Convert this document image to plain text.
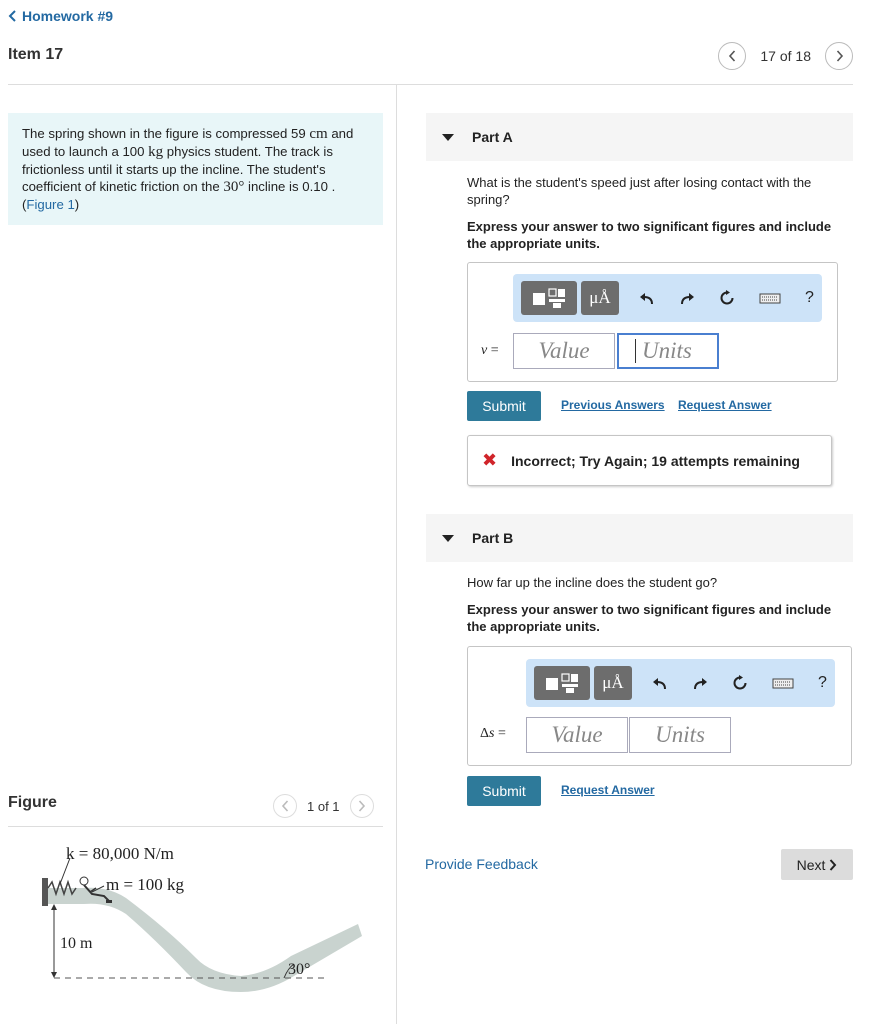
Homework #9
Item 17	17 of 18
The spring shown in the figure is compressed 59 cm and used to launch a 100 kg physics student. The track is frictionless until it starts up the incline. The student's coefficient of kinetic friction on the 30° incline is 0.10 .
(Figure 1)
Figure	1 of 1
k = 80,000 N/m
m = 100 kg
10 m
30°
Part A
What is the student's speed just after losing contact with the spring?
Express your answer to two significant figures and include the appropriate units.
μÅ	?
v =	Value	Units
Submit	Previous Answers Request Answer
✖ Incorrect; Try Again; 19 attempts remaining
Part B
How far up the incline does the student go?
Express your answer to two significant figures and include the appropriate units.
μÅ	?
Δs =	Value	Units
Submit	Request Answer
Provide Feedback	Next
